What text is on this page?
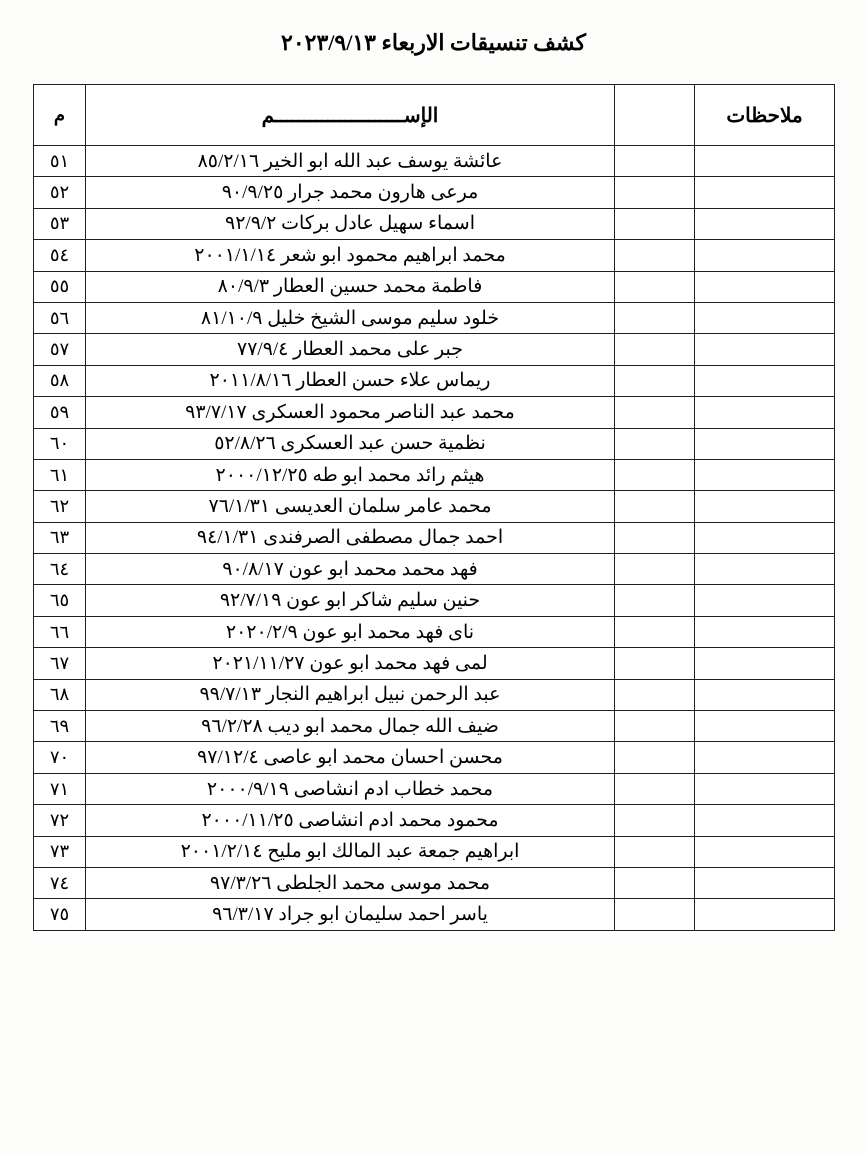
كشف تنسيقات الاربعاء ٢٠٢٣/٩/١٣
ملاحظات		الإســــــــــــــــــــــم	م
		عائشة يوسف عبد الله ابو الخير ٨٥/٢/١٦	٥١
		مرعى هارون محمد جرار ٩٠/٩/٢٥	٥٢
		اسماء سهيل عادل بركات ٩٢/٩/٢	٥٣
		محمد ابراهيم محمود ابو شعر ٢٠٠١/١/١٤	٥٤
		فاطمة محمد حسين العطار ٨٠/٩/٣	٥٥
		خلود سليم موسى الشيخ خليل ٨١/١٠/٩	٥٦
		جبر على محمد العطار ٧٧/٩/٤	٥٧
		ريماس علاء حسن العطار ٢٠١١/٨/١٦	٥٨
		محمد عبد الناصر محمود العسكرى ٩٣/٧/١٧	٥٩
		نظمية حسن عبد العسكرى ٥٢/٨/٢٦	٦٠
		هيثم رائد محمد ابو طه ٢٠٠٠/١٢/٢٥	٦١
		محمد عامر سلمان العديسى ٧٦/١/٣١	٦٢
		احمد جمال مصطفى الصرفندى ٩٤/١/٣١	٦٣
		فهد محمد محمد ابو عون ٩٠/٨/١٧	٦٤
		حنين سليم شاكر ابو عون ٩٢/٧/١٩	٦٥
		ناى فهد محمد ابو عون ٢٠٢٠/٢/٩	٦٦
		لمى فهد محمد ابو عون ٢٠٢١/١١/٢٧	٦٧
		عبد الرحمن نبيل ابراهيم النجار ٩٩/٧/١٣	٦٨
		ضيف الله جمال محمد ابو ديب ٩٦/٢/٢٨	٦٩
		محسن احسان محمد ابو عاصى ٩٧/١٢/٤	٧٠
		محمد خطاب ادم انشاصى ٢٠٠٠/٩/١٩	٧١
		محمود محمد ادم انشاصى ٢٠٠٠/١١/٢٥	٧٢
		ابراهيم جمعة عبد المالك ابو مليح ٢٠٠١/٢/١٤	٧٣
		محمد موسى محمد الجلطى ٩٧/٣/٢٦	٧٤
		ياسر احمد سليمان ابو جراد ٩٦/٣/١٧	٧٥
